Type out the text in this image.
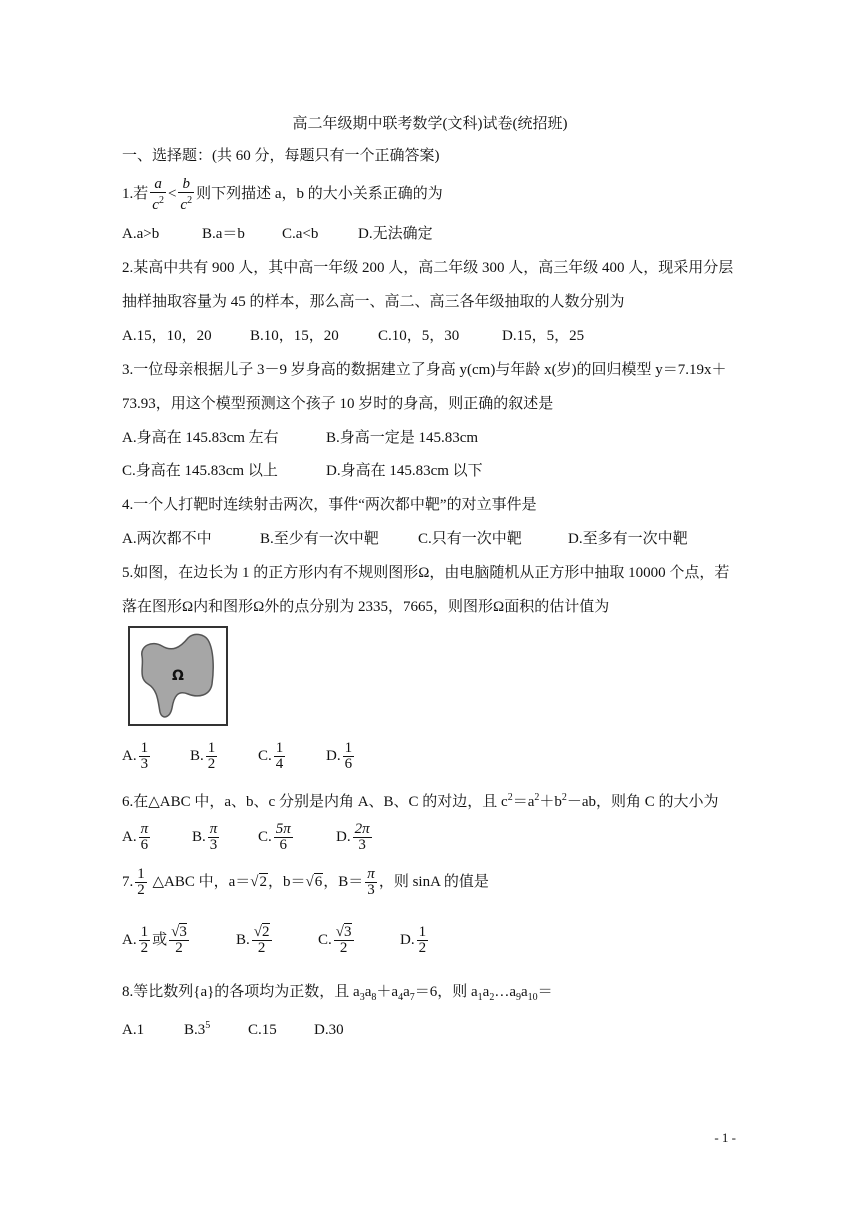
高二年级期中联考数学(文科)试卷(统招班)
一、选择题：(共 60 分，每题只有一个正确答案)
1.若 $\frac{a}{c^2} < \frac{b}{c^2}$ 则下列描述 a，b 的大小关系正确的为
A.a>b	B.a＝b C.a<b	D.无法确定
2.某高中共有 900 人，其中高一年级 200 人，高二年级 300 人，高三年级 400 人，现采用分层
抽样抽取容量为 45 的样本，那么高一、高二、高三各年级抽取的人数分别为
A.15，10，20	B.10，15，20	C.10，5，30	D.15，5，25
3.一位母亲根据儿子 3－9 岁身高的数据建立了身高 y(cm)与年龄 x(岁)的回归模型 y＝7.19x＋
73.93，用这个模型预测这个孩子 10 岁时的身高，则正确的叙述是
A.身高在 145.83cm 左右	B.身高一定是 145.83cm
C.身高在 145.83cm 以上	D.身高在 145.83cm 以下
4.一个人打靶时连续射击两次，事件“两次都中靶”的对立事件是
A.两次都不中	B.至少有一次中靶	C.只有一次中靶	D.至多有一次中靶
5.如图，在边长为 1 的正方形内有不规则图形Ω，由电脑随机从正方形中抽取 10000 个点，若
落在图形Ω内和图形Ω外的点分别为 2335，7665，则图形Ω面积的估计值为
Ω
A. $\frac{1}{3}$	B. $\frac{1}{2}$	C. $\frac{1}{4}$	D. $\frac{1}{6}$
6.在△ABC 中，a、b、c 分别是内角 A、B、C 的对边，且 $c^2=a^2+b^2-ab$，则角 C 的大小为
A. $\frac{\pi}{6}$	B. $\frac{\pi}{3}$	C. $\frac{5\pi}{6}$	D. $\frac{2\pi}{3}$
7. $\frac{1}{2}$ △ABC 中，a＝√2，b＝√6，$B= \frac{\pi}{3}$ ，则 sinA 的值是
A. $\frac{1}{2}$ 或 $\frac{√3}{2}$	B. $\frac{√2}{2}$	C. $\frac{√3}{2}$	D. $\frac{1}{2}$
8.等比数列{a}的各项均为正数，且 $a_3a_8+a_4a_7=6$，则 $a_1a_2\dots a_9a_{10}=$
A.1	$B.3^5$	C.15 D.30
- 1 -
